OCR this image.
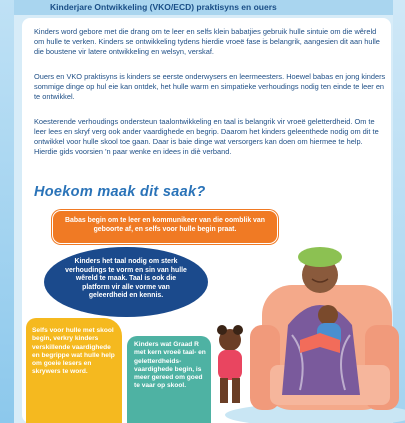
Kinderjare Ontwikkeling (VKO/ECD) praktisyns en ouers

Kinders word gebore met die drang om te leer en selfs klein babatjies gebruik hulle sintuie om die wêreld om hulle te verken. Kinders se ontwikkeling tydens hierdie vroeë fase is belangrik, aangesien dit aan hulle die boustene vir latere ontwikkeling en welsyn, verskaf.

Ouers en VKO praktisyns is kinders se eerste onderwysers en leermeesters. Hoewel babas en jong kinders sommige dinge op hul eie kan ontdek, het hulle warm en simpatieke verhoudings nodig ten einde te leer en te ontwikkel.

Koesterende verhoudings ondersteun taalontwikkeling en taal is belangrik vir vroeë geletterdheid. Om te leer lees en skryf verg ook ander vaardighede en begrip. Daarom het kinders geleenthede nodig om dit te ontwikkel voor hulle skool toe gaan. Daar is baie dinge wat versorgers kan doen om hiermee te help. Hierdie gids voorsien 'n paar wenke en idees in diè verband.

Hoekom maak dit saak?
Babas begin om te leer en kommunikeer van die oomblik van geboorte af, en selfs voor hulle begin praat.
Kinders het taal nodig om sterk verhoudings te vorm en sin van hulle wêreld te maak. Taal is ook die platform vir alle vorme van geleerdheid en kennis.
Selfs voor hulle met skool begin, verkry kinders verskillende vaardighede en begrippe wat hulle help om goeie lesers en skrywers te word.
Kinders wat Graad R met kern vroeë taal- en geletterdheids-vaardighede begin, is meer gereed om goed te vaar op skool.
